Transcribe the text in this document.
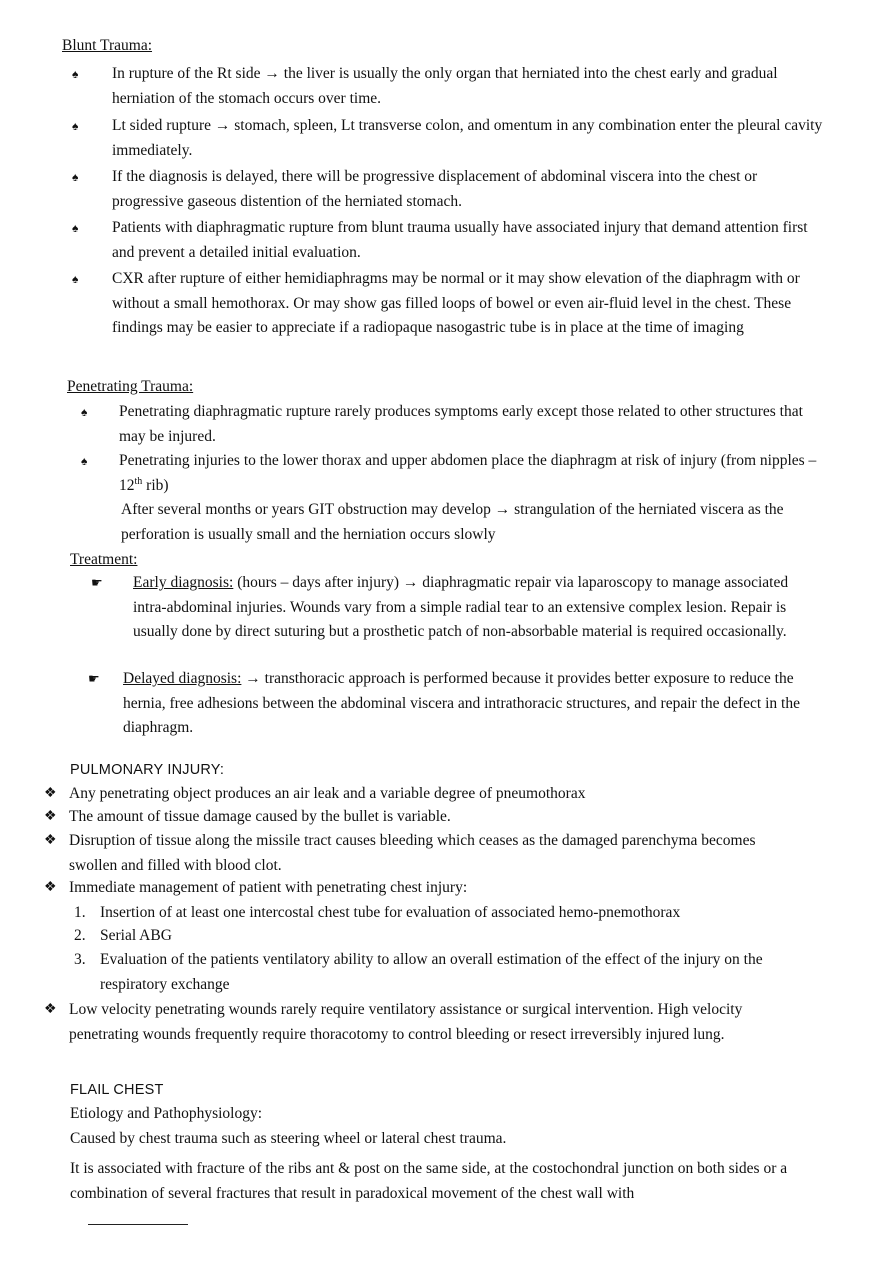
Blunt Trauma:
♠ In rupture of the Rt side → the liver is usually the only organ that herniated into the chest early and gradual herniation of the stomach occurs over time.
♠ Lt sided rupture → stomach, spleen, Lt transverse colon, and omentum in any combination enter the pleural cavity immediately.
♠ If the diagnosis is delayed, there will be progressive displacement of abdominal viscera into the chest or progressive gaseous distention of the herniated stomach.
♠ Patients with diaphragmatic rupture from blunt trauma usually have associated injury that demand attention first and prevent a detailed initial evaluation.
♠ CXR after rupture of either hemidiaphragms may be normal or it may show elevation of the diaphragm with or without a small hemothorax. Or may show gas filled loops of bowel or even air-fluid level in the chest. These findings may be easier to appreciate if a radiopaque nasogastric tube is in place at the time of imaging
Penetrating Trauma:
♠ Penetrating diaphragmatic rupture rarely produces symptoms early except those related to other structures that may be injured.
♠ Penetrating injuries to the lower thorax and upper abdomen place the diaphragm at risk of injury (from nipples – 12th rib)
After several months or years GIT obstruction may develop → strangulation of the herniated viscera as the perforation is usually small and the herniation occurs slowly
Treatment:
☛ Early diagnosis: (hours – days after injury) → diaphragmatic repair via laparoscopy to manage associated intra-abdominal injuries. Wounds vary from a simple radial tear to an extensive complex lesion. Repair is usually done by direct suturing but a prosthetic patch of non-absorbable material is required occasionally.
☛ Delayed diagnosis: → transthoracic approach is performed because it provides better exposure to reduce the hernia, free adhesions between the abdominal viscera and intrathoracic structures, and repair the defect in the diaphragm.
PULMONARY INJURY:
❖ Any penetrating object produces an air leak and a variable degree of pneumothorax
❖ The amount of tissue damage caused by the bullet is variable.
❖ Disruption of tissue along the missile tract causes bleeding which ceases as the damaged parenchyma becomes swollen and filled with blood clot.
❖ Immediate management of patient with penetrating chest injury:
1. Insertion of at least one intercostal chest tube for evaluation of associated hemo-pnemothorax
2. Serial ABG
3. Evaluation of the patients ventilatory ability to allow an overall estimation of the effect of the injury on the respiratory exchange
❖ Low velocity penetrating wounds rarely require ventilatory assistance or surgical intervention. High velocity penetrating wounds frequently require thoracotomy to control bleeding or resect irreversibly injured lung.
FLAIL CHEST
Etiology and Pathophysiology:
Caused by chest trauma such as steering wheel or lateral chest trauma.
It is associated with fracture of the ribs ant & post on the same side, at the costochondral junction on both sides or a combination of several fractures that result in paradoxical movement of the chest wall with
